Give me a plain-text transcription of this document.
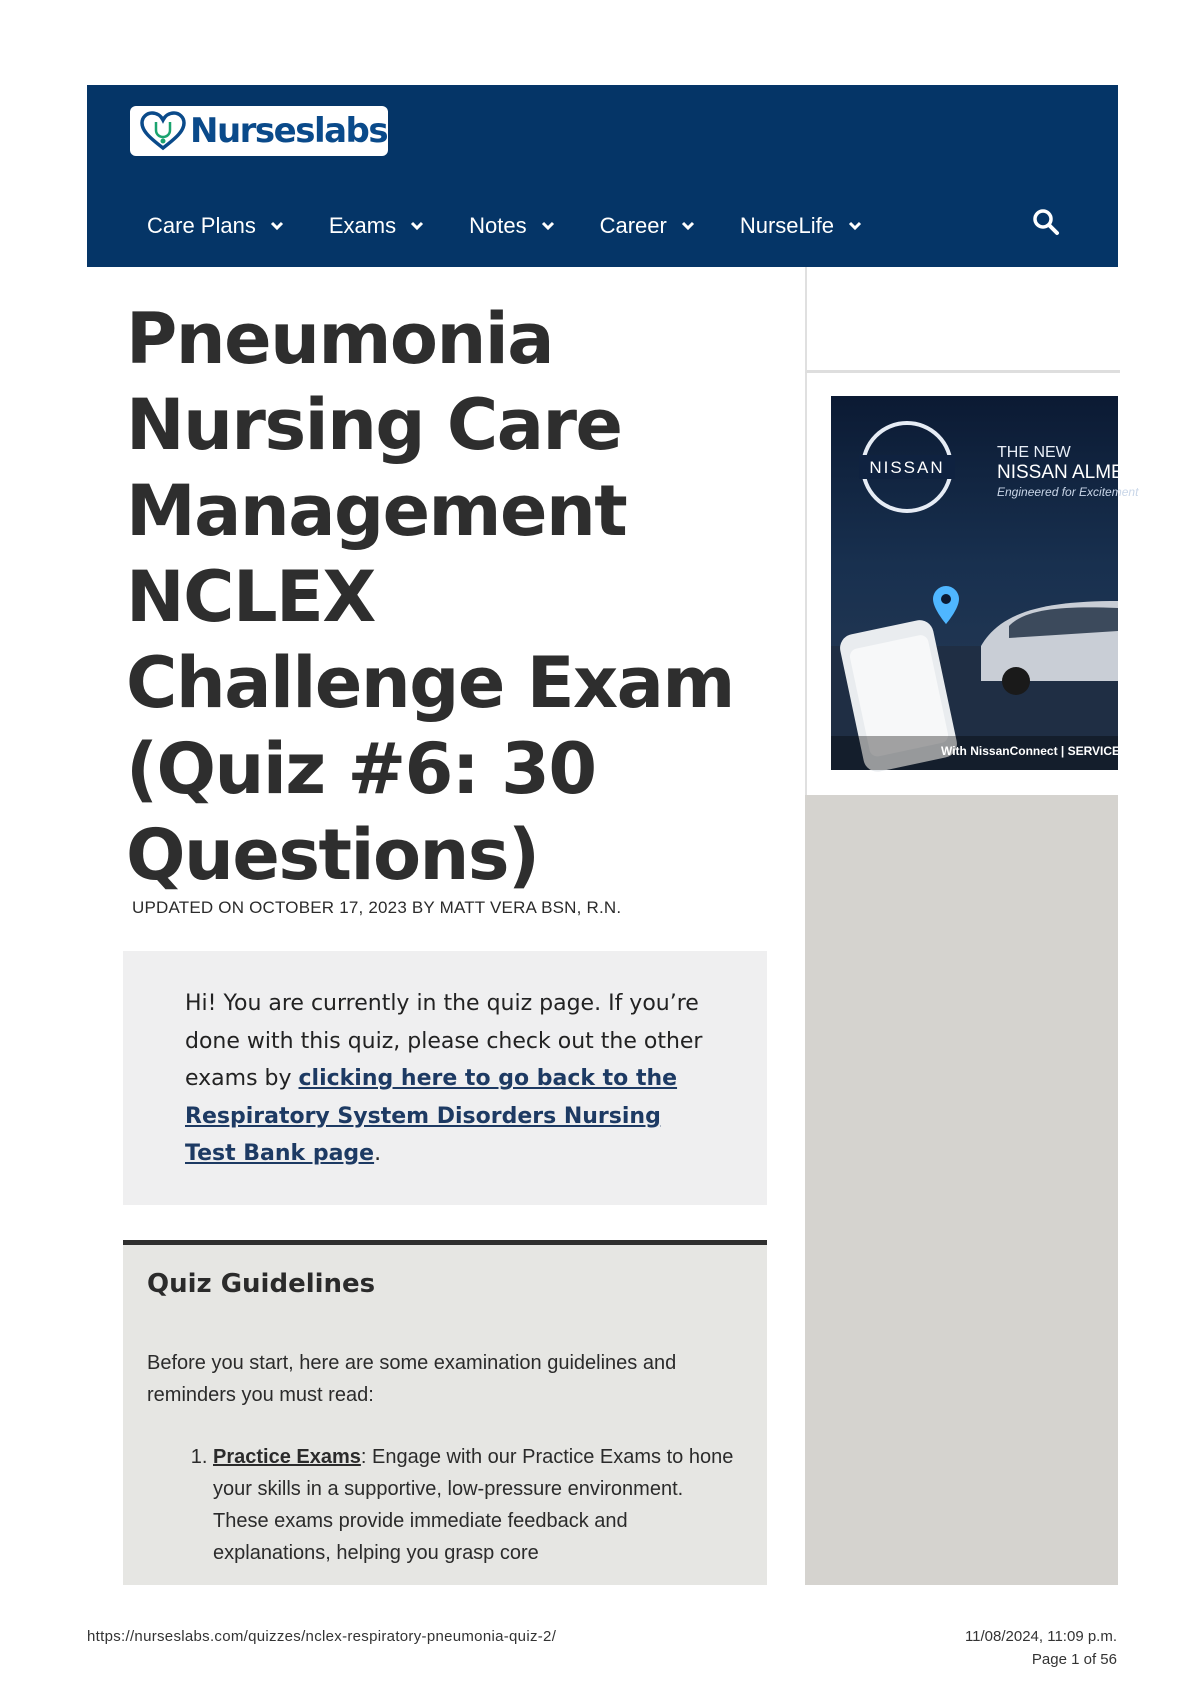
Nurseslabs
Care Plans	Exams	Notes	Career	NurseLife
Pneumonia Nursing Care Management NCLEX Challenge Exam (Quiz #6: 30 Questions)
UPDATED ON OCTOBER 17, 2023 BY MATT VERA BSN, R.N.
Hi! You are currently in the quiz page. If you’re done with this quiz, please check out the other exams by clicking here to go back to the Respiratory System Disorders Nursing Test Bank page.
Quiz Guidelines

Before you start, here are some examination guidelines and reminders you must read:

1. Practice Exams: Engage with our Practice Exams to hone your skills in a supportive, low-pressure environment. These exams provide immediate feedback and explanations, helping you grasp core
NISSAN
THE NEW
NISSAN ALMERA
Engineered for Excitement
With NissanConnect | SERVICES
https://nurseslabs.com/quizzes/nclex-respiratory-pneumonia-quiz-2/	11/08/2024, 11:09 p.m.
Page 1 of 56
